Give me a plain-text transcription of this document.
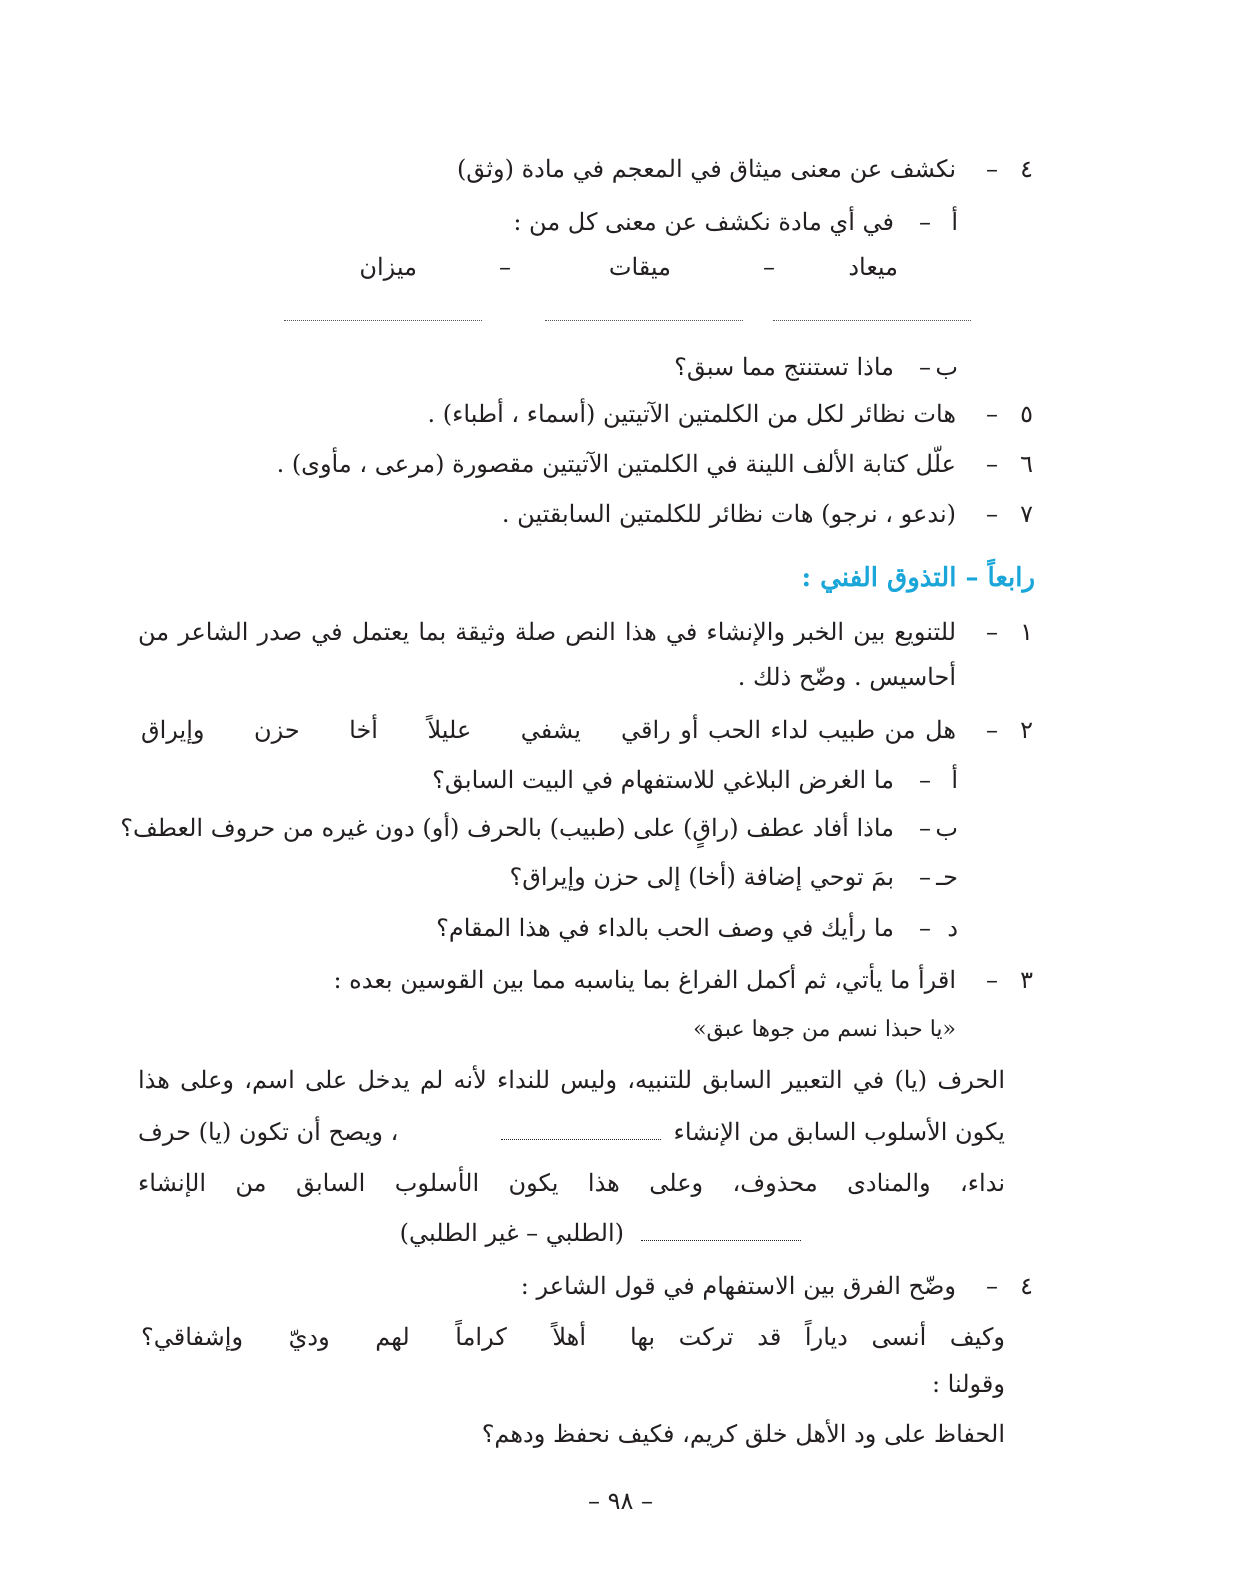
٤
–
نكشف عن معنى ميثاق في المعجم في مادة (وثق)
أ
–
في أي مادة نكشف عن معنى كل من :
ميعاد
–
ميقات
–
ميزان
ب
–
ماذا تستنتج مما سبق؟
٥
–
هات نظائر لكل من الكلمتين الآتيتين (أسماء ، أطباء) .
٦
–
علّل كتابة الألف اللينة في الكلمتين الآتيتين مقصورة (مرعى ، مأوى) .
٧
–
(ندعو ، نرجو) هات نظائر للكلمتين السابقتين .
رابعاً – التذوق الفني :
١
–
للتنويع بين الخبر والإنشاء في هذا النص صلة وثيقة بما يعتمل في صدر الشاعر من
أحاسيس . وضّح ذلك .
٢
–
هل من طبيب لداء الحب أو راقي
يشفي عليلاً أخا حزن وإيراق
أ
–
ما الغرض البلاغي للاستفهام في البيت السابق؟
ب
–
ماذا أفاد عطف (راقٍ) على (طبيب) بالحرف (أو) دون غيره من حروف العطف؟
حـ
–
بمَ توحي إضافة (أخا) إلى حزن وإيراق؟
د
–
ما رأيك في وصف الحب بالداء في هذا المقام؟
٣
–
اقرأ ما يأتي، ثم أكمل الفراغ بما يناسبه مما بين القوسين بعده :
«يا حبذا نسم من جوها عبق»
الحرف (يا) في التعبير السابق للتنبيه، وليس للنداء لأنه لم يدخل على اسم، وعلى هذا
يكون الأسلوب السابق من الإنشاء
، ويصح أن تكون (يا) حرف
نداء، والمنادى محذوف، وعلى هذا يكون الأسلوب السابق من الإنشاء
(الطلبي – غير الطلبي)
٤
–
وضّح الفرق بين الاستفهام في قول الشاعر :
وكيف أنسى دياراً قد تركت بها
أهلاً كراماً لهم وديّ وإشفاقي؟
وقولنا :
الحفاظ على ود الأهل خلق كريم، فكيف نحفظ ودهم؟
– ٩٨ –
